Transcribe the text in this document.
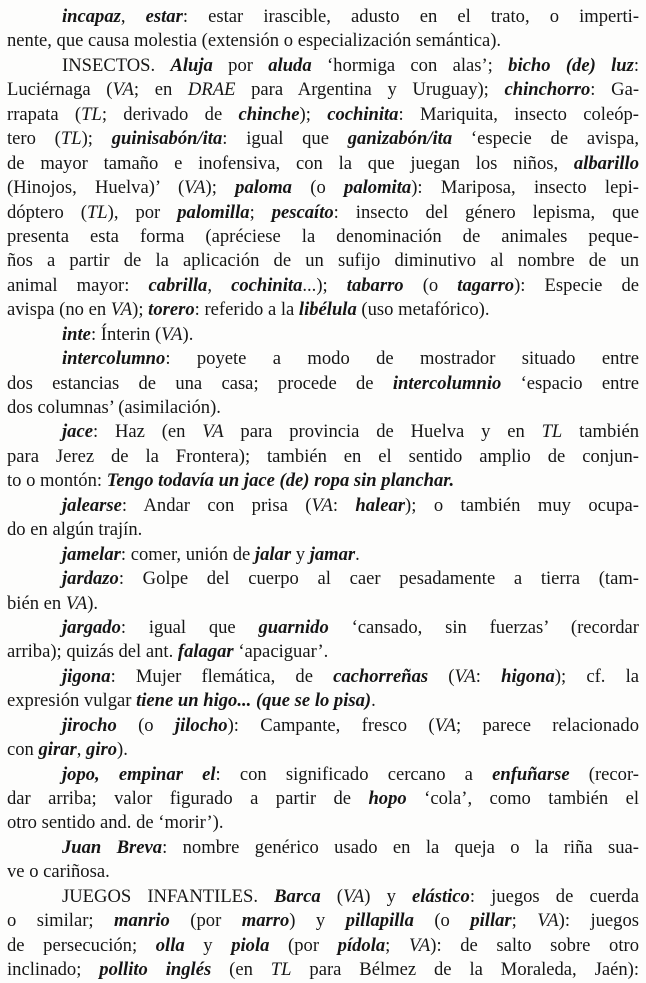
incapaz, estar: estar irascible, adusto en el trato, o imperti-
nente, que causa molestia (extensión o especialización semántica).
INSECTOS. Aluja por aluda ‘hormiga con alas’; bicho (de) luz:
Luciérnaga (VA; en DRAE para Argentina y Uruguay); chinchorro: Ga-
rrapata (TL; derivado de chinche); cochinita: Mariquita, insecto coleóp-
tero (TL); guinisabón/ita: igual que ganizabón/ita ‘especie de avispa,
de mayor tamaño e inofensiva, con la que juegan los niños, albarillo
(Hinojos, Huelva)’ (VA); paloma (o palomita): Mariposa, insecto lepi-
dóptero (TL), por palomilla; pescaíto: insecto del género lepisma, que
presenta esta forma (apréciese la denominación de animales peque-
ños a partir de la aplicación de un sufijo diminutivo al nombre de un
animal mayor: cabrilla, cochinita...); tabarro (o tagarro): Especie de
avispa (no en VA); torero: referido a la libélula (uso metafórico).
inte: Ínterin (VA).
intercolumno: poyete a modo de mostrador situado entre
dos estancias de una casa; procede de intercolumnio ‘espacio entre
dos columnas’ (asimilación).
jace: Haz (en VA para provincia de Huelva y en TL también
para Jerez de la Frontera); también en el sentido amplio de conjun-
to o montón: Tengo todavía un jace (de) ropa sin planchar.
jalearse: Andar con prisa (VA: halear); o también muy ocupa-
do en algún trajín.
jamelar: comer, unión de jalar y jamar.
jardazo: Golpe del cuerpo al caer pesadamente a tierra (tam-
bién en VA).
jargado: igual que guarnido ‘cansado, sin fuerzas’ (recordar
arriba); quizás del ant. falagar ‘apaciguar’.
jigona: Mujer flemática, de cachorreñas (VA: higona); cf. la
expresión vulgar tiene un higo... (que se lo pisa).
jirocho (o jilocho): Campante, fresco (VA; parece relacionado
con girar, giro).
jopo, empinar el: con significado cercano a enfuñarse (recor-
dar arriba; valor figurado a partir de hopo ‘cola’, como también el
otro sentido and. de ‘morir’).
Juan Breva: nombre genérico usado en la queja o la riña sua-
ve o cariñosa.
JUEGOS INFANTILES. Barca (VA) y elástico: juegos de cuerda
o similar; manrio (por marro) y pillapilla (o pillar; VA): juegos
de persecución; olla y piola (por pídola; VA): de salto sobre otro
inclinado; pollito inglés (en TL para Bélmez de la Moraleda, Jaén):
